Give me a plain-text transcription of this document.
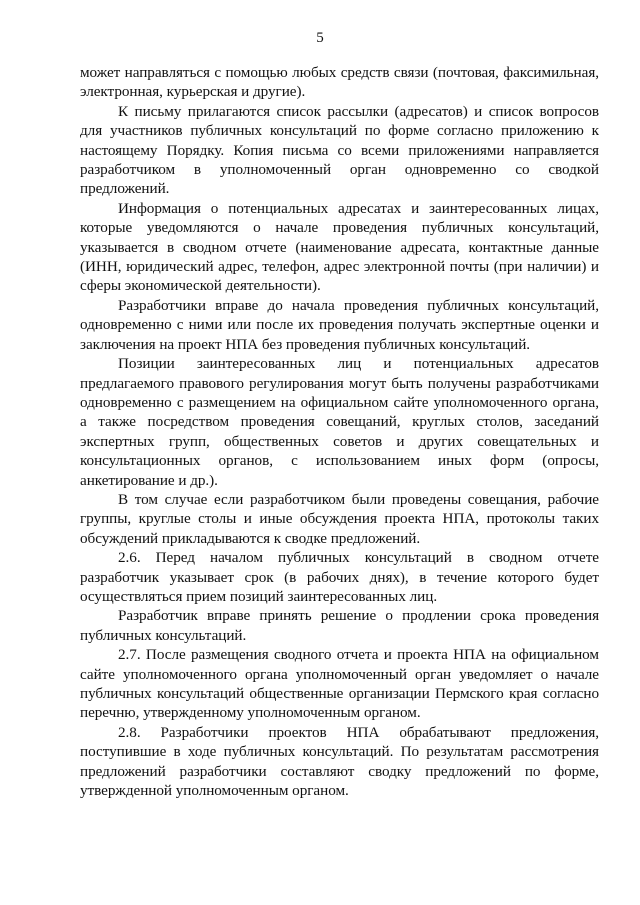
5

может направляться с помощью любых средств связи (почтовая, факсимильная, электронная, курьерская и другие).

К письму прилагаются список рассылки (адресатов) и список вопросов для участников публичных консультаций по форме согласно приложению к настоящему Порядку. Копия письма со всеми приложениями направляется разработчиком в уполномоченный орган одновременно со сводкой предложений.

Информация о потенциальных адресатах и заинтересованных лицах, которые уведомляются о начале проведения публичных консультаций, указывается в сводном отчете (наименование адресата, контактные данные (ИНН, юридический адрес, телефон, адрес электронной почты (при наличии) и сферы экономической деятельности).

Разработчики вправе до начала проведения публичных консультаций, одновременно с ними или после их проведения получать экспертные оценки и заключения на проект НПА без проведения публичных консультаций.

Позиции заинтересованных лиц и потенциальных адресатов предлагаемого правового регулирования могут быть получены разработчиками одновременно с размещением на официальном сайте уполномоченного органа, а также посредством проведения совещаний, круглых столов, заседаний экспертных групп, общественных советов и других совещательных и консультационных органов, с использованием иных форм (опросы, анкетирование и др.).

В том случае если разработчиком были проведены совещания, рабочие группы, круглые столы и иные обсуждения проекта НПА, протоколы таких обсуждений прикладываются к сводке предложений.

2.6. Перед началом публичных консультаций в сводном отчете разработчик указывает срок (в рабочих днях), в течение которого будет осуществляться прием позиций заинтересованных лиц.

Разработчик вправе принять решение о продлении срока проведения публичных консультаций.

2.7. После размещения сводного отчета и проекта НПА на официальном сайте уполномоченного органа уполномоченный орган уведомляет о начале публичных консультаций общественные организации Пермского края согласно перечню, утвержденному уполномоченным органом.

2.8. Разработчики проектов НПА обрабатывают предложения, поступившие в ходе публичных консультаций. По результатам рассмотрения предложений разработчики составляют сводку предложений по форме, утвержденной уполномоченным органом.
